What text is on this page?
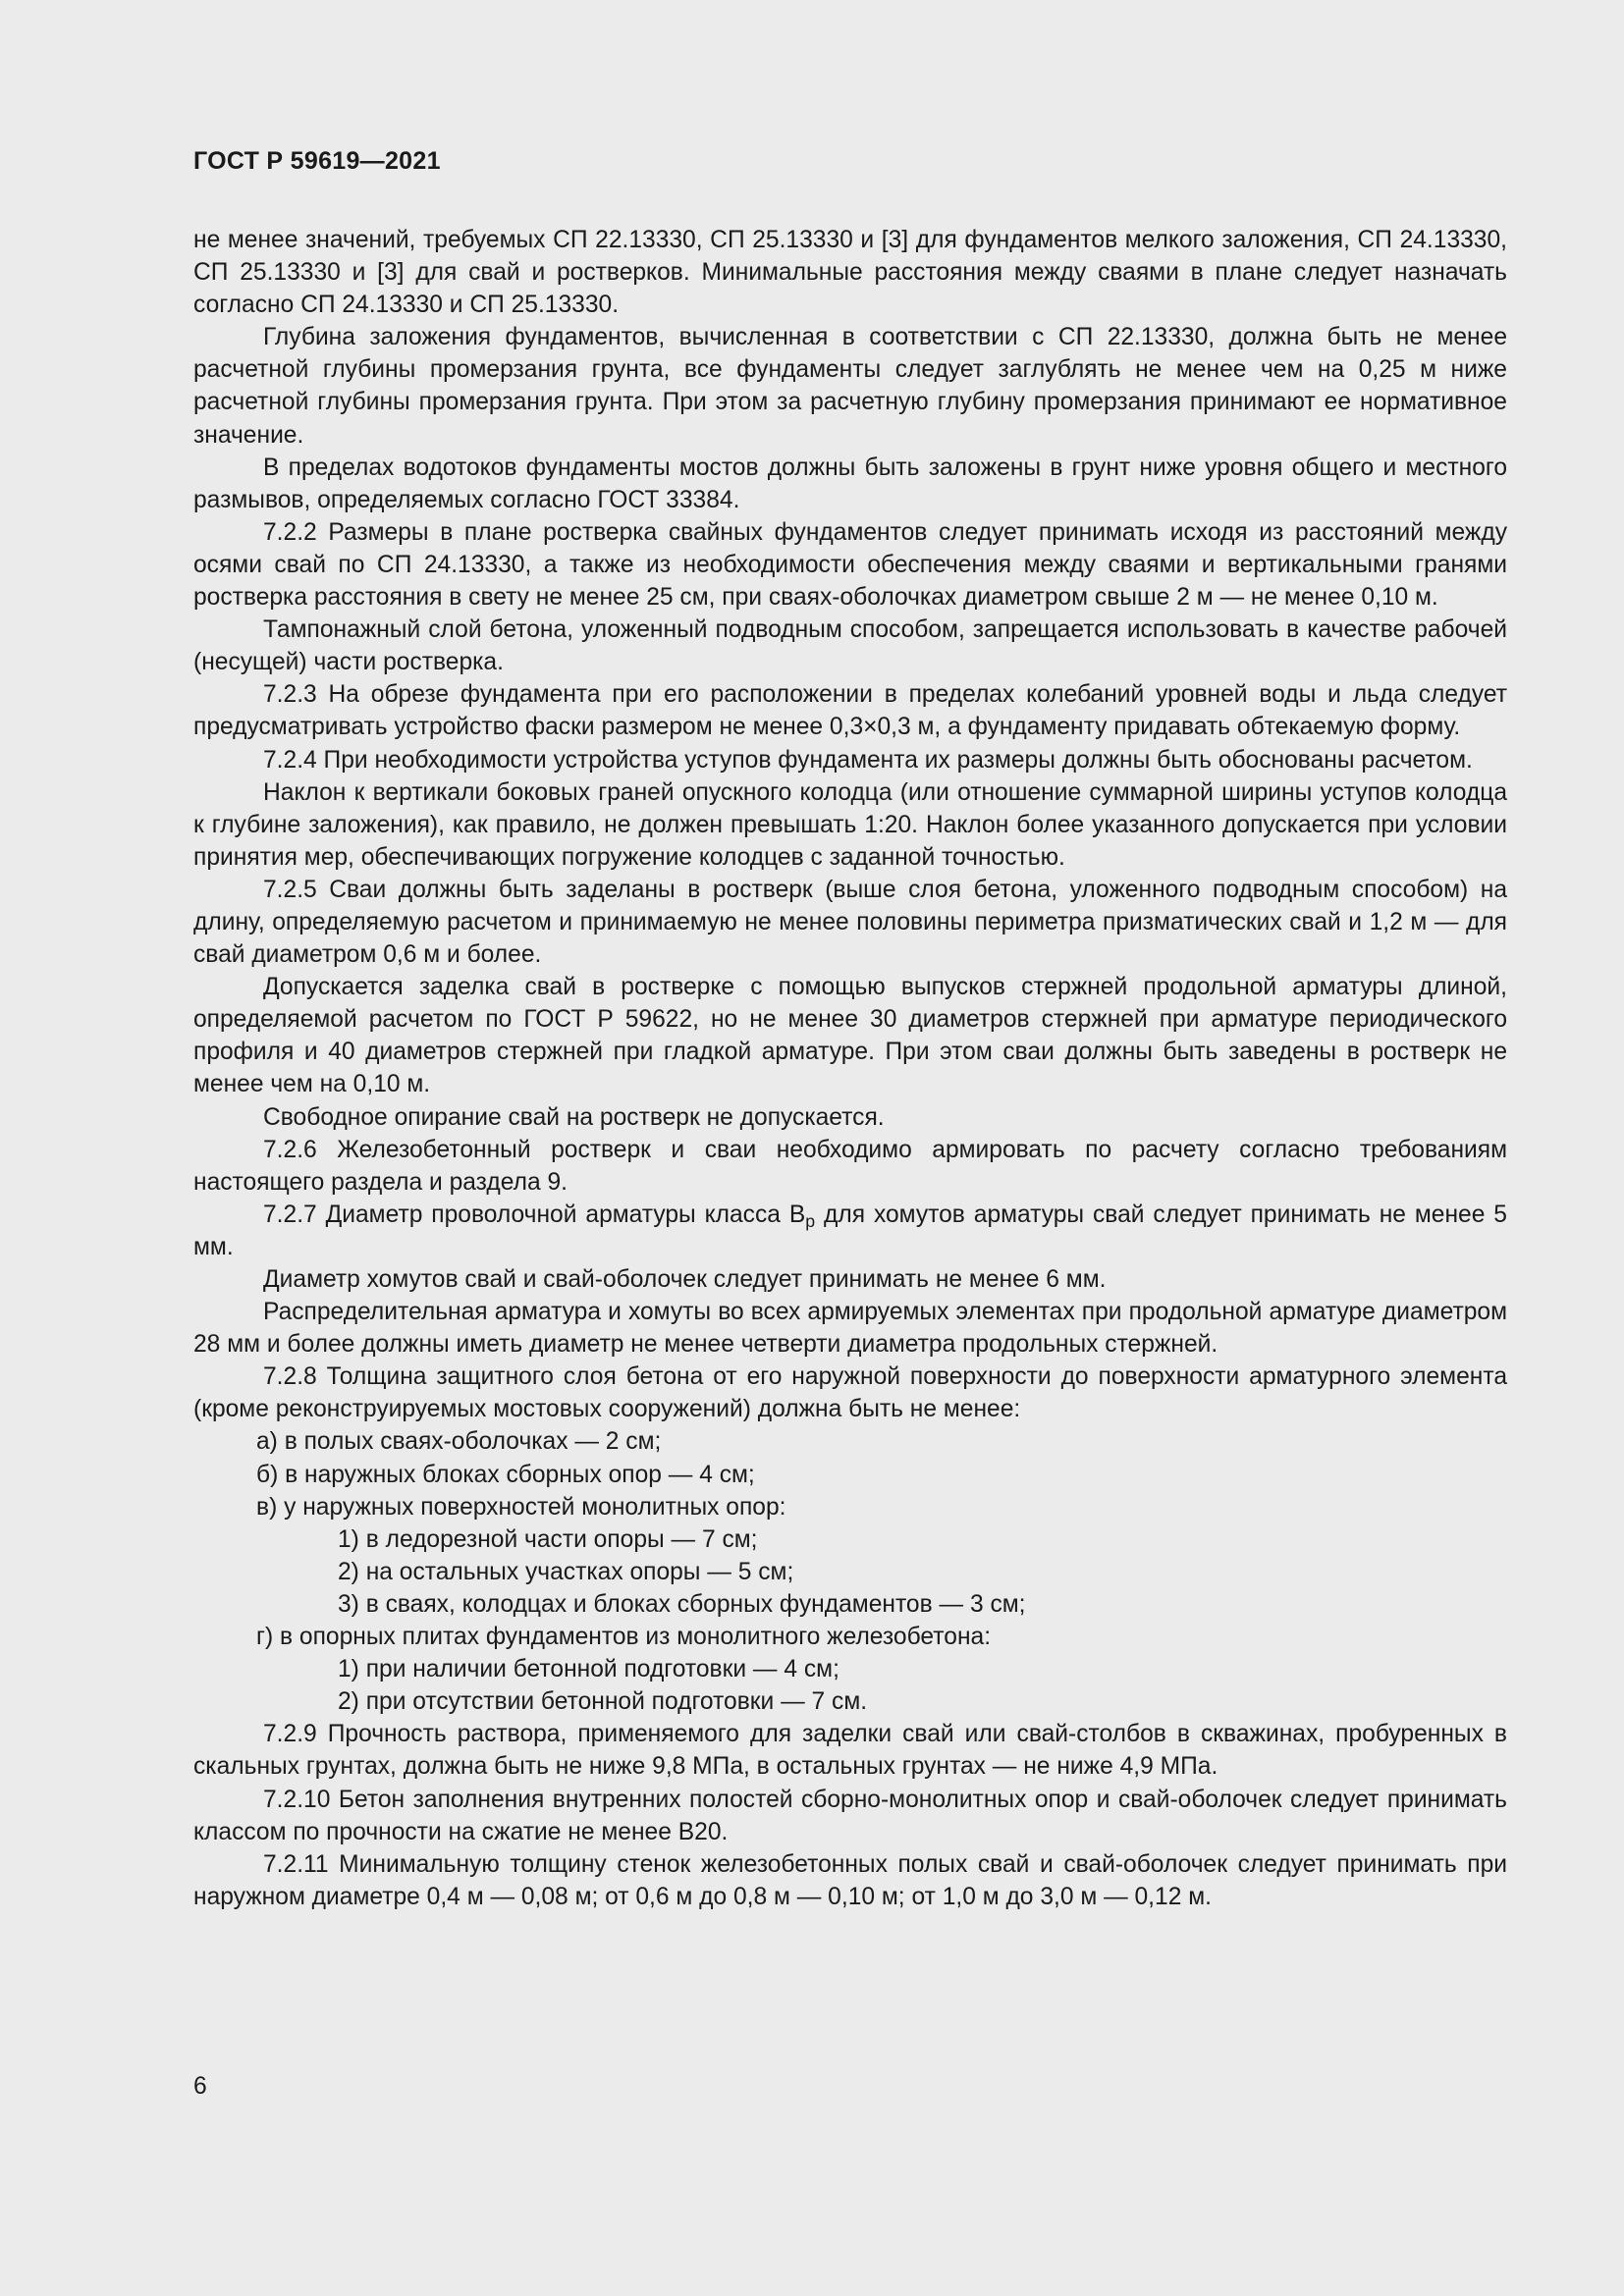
ГОСТ Р 59619—2021

не менее значений, требуемых СП 22.13330, СП 25.13330 и [3] для фундаментов мелкого заложения, СП 24.13330, СП 25.13330 и [3] для свай и ростверков. Минимальные расстояния между сваями в плане следует назначать согласно СП 24.13330 и СП 25.13330.

Глубина заложения фундаментов, вычисленная в соответствии с СП 22.13330, должна быть не менее расчетной глубины промерзания грунта, все фундаменты следует заглублять не менее чем на 0,25 м ниже расчетной глубины промерзания грунта. При этом за расчетную глубину промерзания принимают ее нормативное значение.

В пределах водотоков фундаменты мостов должны быть заложены в грунт ниже уровня общего и местного размывов, определяемых согласно ГОСТ 33384.

7.2.2 Размеры в плане ростверка свайных фундаментов следует принимать исходя из расстояний между осями свай по СП 24.13330, а также из необходимости обеспечения между сваями и вертикальными гранями ростверка расстояния в свету не менее 25 см, при сваях-оболочках диаметром свыше 2 м — не менее 0,10 м.

Тампонажный слой бетона, уложенный подводным способом, запрещается использовать в качестве рабочей (несущей) части ростверка.

7.2.3 На обрезе фундамента при его расположении в пределах колебаний уровней воды и льда следует предусматривать устройство фаски размером не менее 0,3×0,3 м, а фундаменту придавать обтекаемую форму.

7.2.4 При необходимости устройства уступов фундамента их размеры должны быть обоснованы расчетом.

Наклон к вертикали боковых граней опускного колодца (или отношение суммарной ширины уступов колодца к глубине заложения), как правило, не должен превышать 1:20. Наклон более указанного допускается при условии принятия мер, обеспечивающих погружение колодцев с заданной точностью.

7.2.5 Сваи должны быть заделаны в ростверк (выше слоя бетона, уложенного подводным способом) на длину, определяемую расчетом и принимаемую не менее половины периметра призматических свай и 1,2 м — для свай диаметром 0,6 м и более.

Допускается заделка свай в ростверке с помощью выпусков стержней продольной арматуры длиной, определяемой расчетом по ГОСТ Р 59622, но не менее 30 диаметров стержней при арматуре периодического профиля и 40 диаметров стержней при гладкой арматуре. При этом сваи должны быть заведены в ростверк не менее чем на 0,10 м.

Свободное опирание свай на ростверк не допускается.

7.2.6 Железобетонный ростверк и сваи необходимо армировать по расчету согласно требованиям настоящего раздела и раздела 9.

7.2.7 Диаметр проволочной арматуры класса $В_р$ для хомутов арматуры свай следует принимать не менее 5 мм.

Диаметр хомутов свай и свай-оболочек следует принимать не менее 6 мм.

Распределительная арматура и хомуты во всех армируемых элементах при продольной арматуре диаметром 28 мм и более должны иметь диаметр не менее четверти диаметра продольных стержней.

7.2.8 Толщина защитного слоя бетона от его наружной поверхности до поверхности арматурного элемента (кроме реконструируемых мостовых сооружений) должна быть не менее:

а) в полых сваях-оболочках — 2 см;

б) в наружных блоках сборных опор — 4 см;

в) у наружных поверхностей монолитных опор:

1) в ледорезной части опоры — 7 см;

2) на остальных участках опоры — 5 см;

3) в сваях, колодцах и блоках сборных фундаментов — 3 см;

г) в опорных плитах фундаментов из монолитного железобетона:

1) при наличии бетонной подготовки — 4 см;

2) при отсутствии бетонной подготовки — 7 см.

7.2.9 Прочность раствора, применяемого для заделки свай или свай-столбов в скважинах, пробуренных в скальных грунтах, должна быть не ниже 9,8 МПа, в остальных грунтах — не ниже 4,9 МПа.

7.2.10 Бетон заполнения внутренних полостей сборно-монолитных опор и свай-оболочек следует принимать классом по прочности на сжатие не менее В20.

7.2.11 Минимальную толщину стенок железобетонных полых свай и свай-оболочек следует принимать при наружном диаметре 0,4 м — 0,08 м; от 0,6 м до 0,8 м — 0,10 м; от 1,0 м до 3,0 м — 0,12 м.

6
